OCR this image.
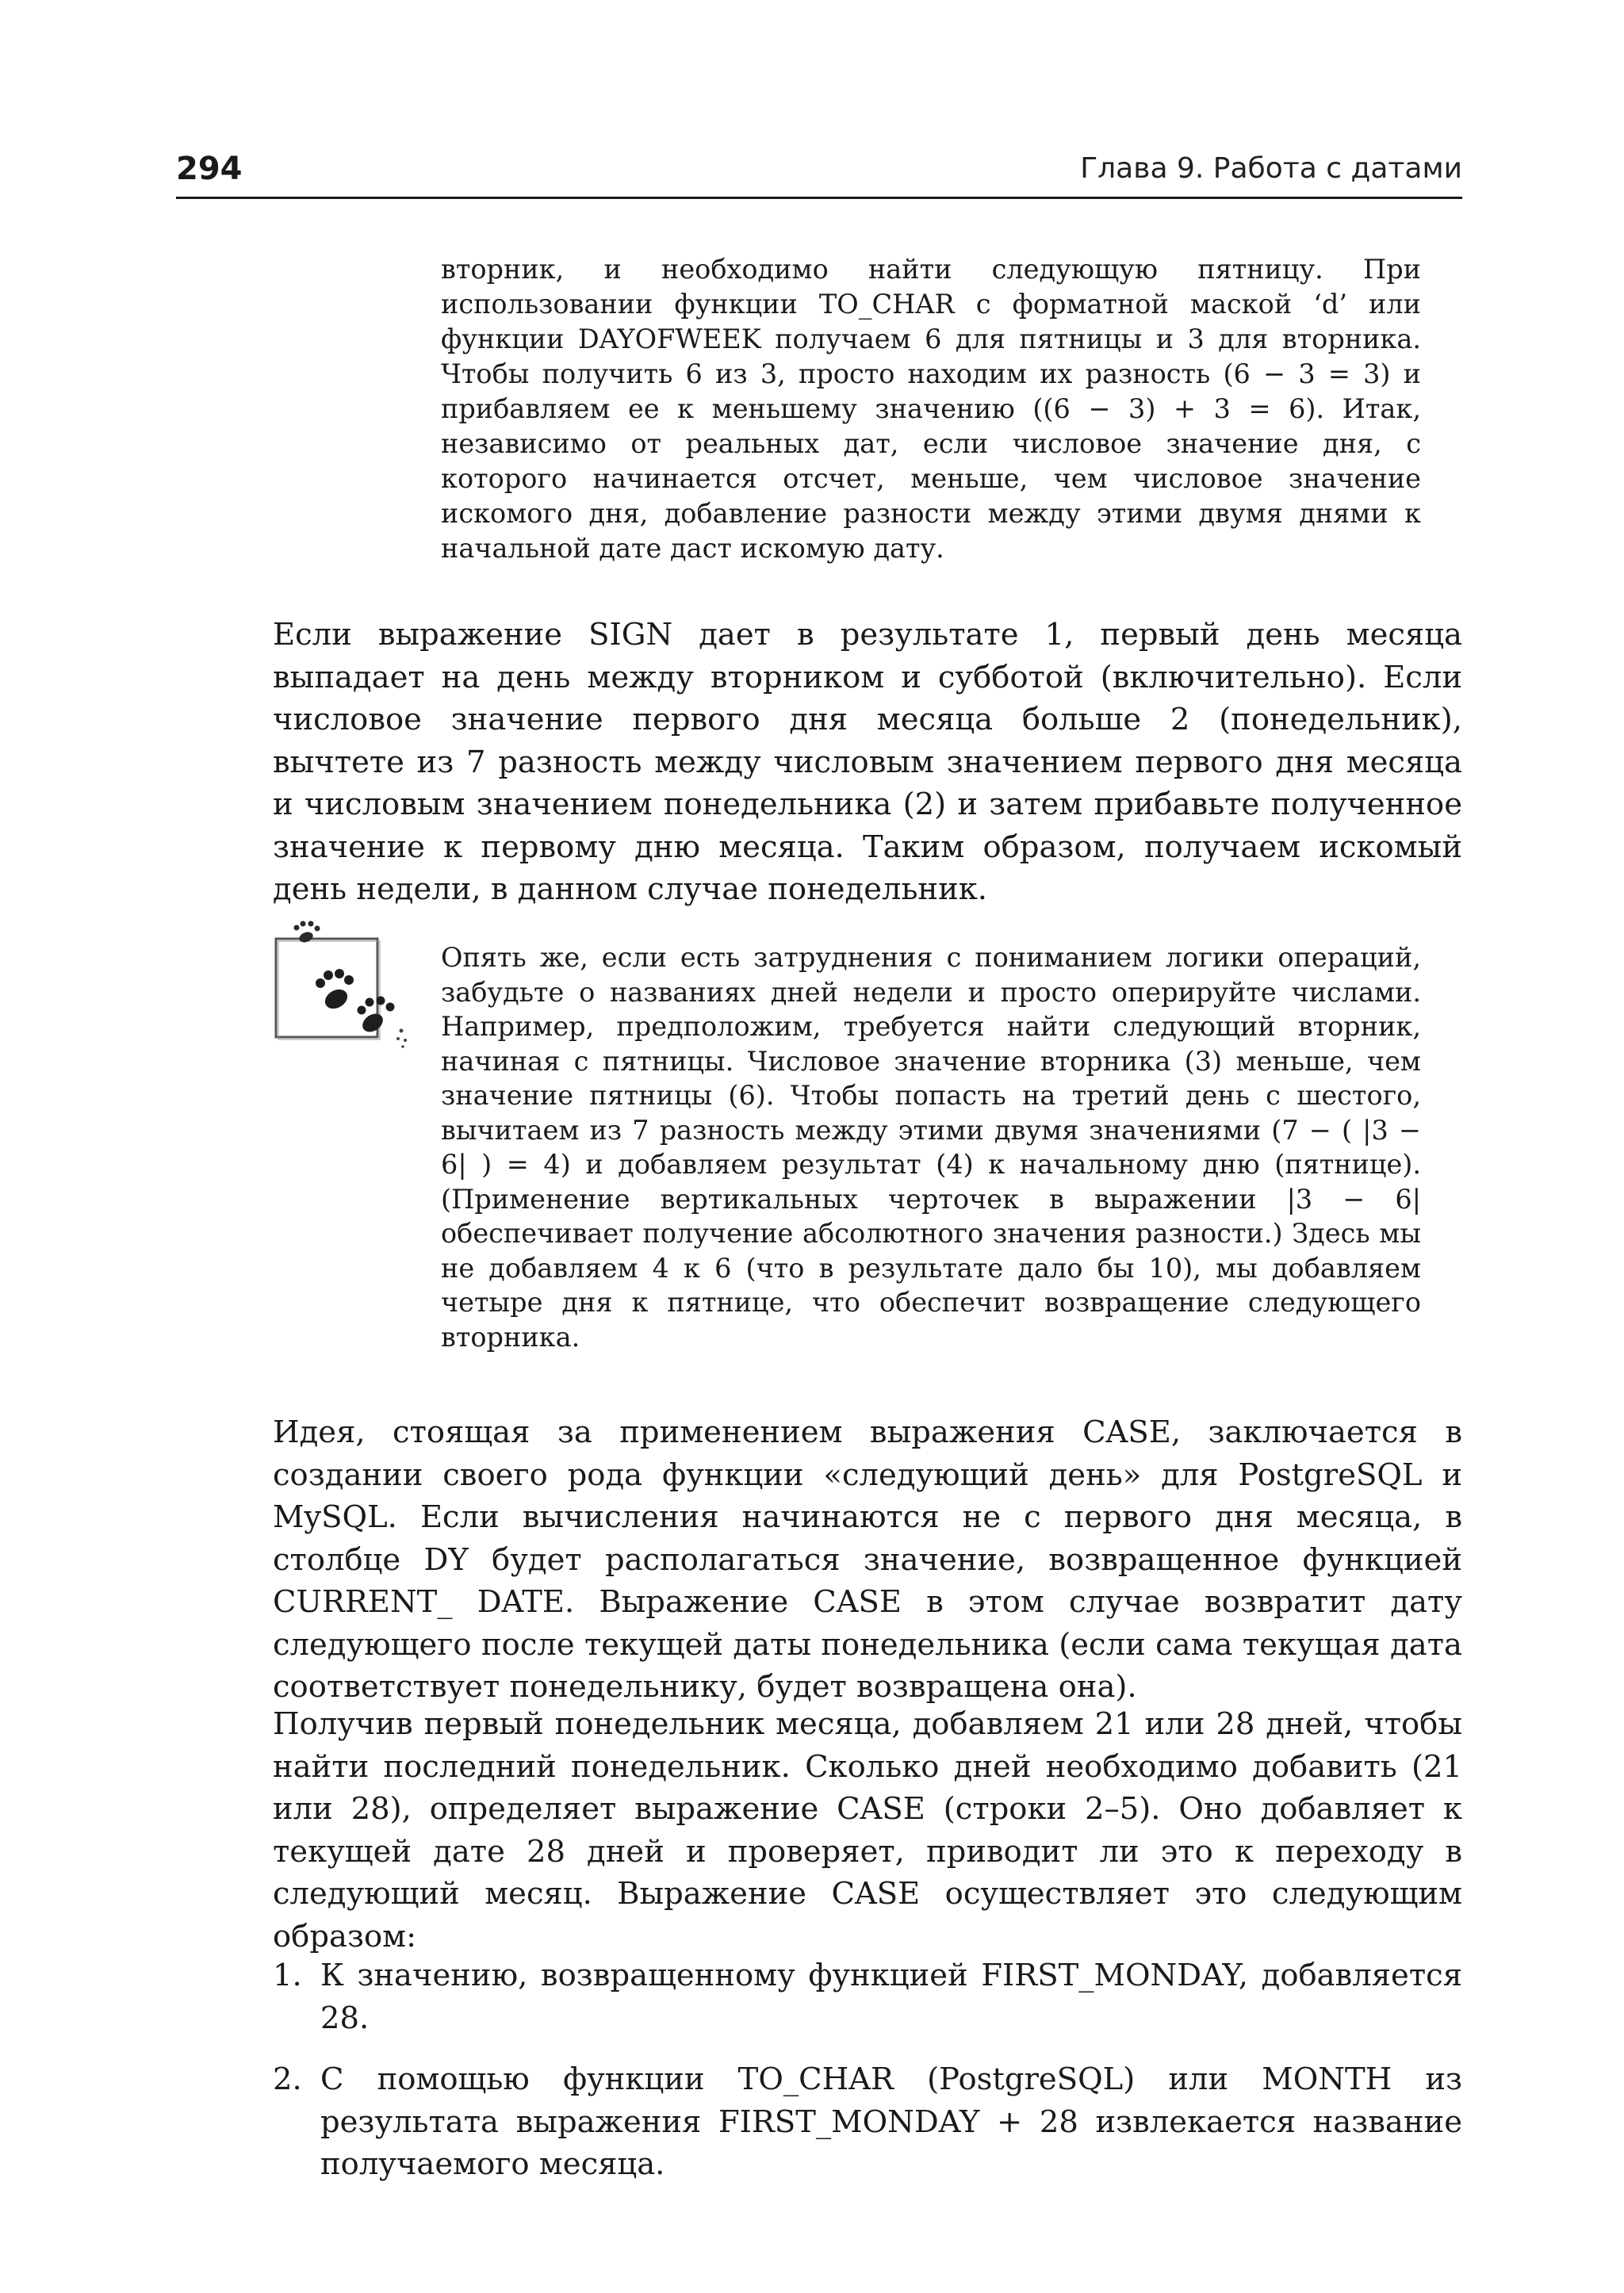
294	Глава 9. Работа с датами

вторник, и необходимо найти следующую пятницу. При использовании функции TO_CHAR с форматной маской ‘d’ или функции DAYOFWEEK получаем 6 для пятницы и 3 для вторника. Чтобы получить 6 из 3, просто находим их разность (6 − 3 = 3) и прибавляем ее к меньшему значению ((6 − 3) + 3 = 6). Итак, независимо от реальных дат, если числовое значение дня, с которого начинается отсчет, меньше, чем числовое значение искомого дня, добавление разности между этими двумя днями к начальной дате даст искомую дату.

Если выражение SIGN дает в результате 1, первый день месяца выпадает на день между вторником и субботой (включительно). Если числовое значение первого дня месяца больше 2 (понедельник), вычтете из 7 разность между числовым значением первого дня месяца и числовым значением понедельника (2) и затем прибавьте полученное значение к первому дню месяца. Таким образом, получаем искомый день недели, в данном случае понедельник.

Опять же, если есть затруднения с пониманием логики операций, забудьте о названиях дней недели и просто оперируйте числами. Например, предположим, требуется найти следующий вторник, начиная с пятницы. Числовое значение вторника (3) меньше, чем значение пятницы (6). Чтобы попасть на третий день с шестого, вычитаем из 7 разность между этими двумя значениями (7 − ( |3 − 6| ) = 4) и добавляем результат (4) к начальному дню (пятнице). (Применение вертикальных черточек в выражении |3 − 6| обеспечивает получение абсолютного значения разности.) Здесь мы не добавляем 4 к 6 (что в результате дало бы 10), мы добавляем четыре дня к пятнице, что обеспечит возвращение следующего вторника.

Идея, стоящая за применением выражения CASE, заключается в создании своего рода функции «следующий день» для PostgreSQL и MySQL. Если вычисления начинаются не с первого дня месяца, в столбце DY будет располагаться значение, возвращенное функцией CURRENT_ DATE. Выражение CASE в этом случае возвратит дату следующего после текущей даты понедельника (если сама текущая дата соответствует понедельнику, будет возвращена она).

Получив первый понедельник месяца, добавляем 21 или 28 дней, чтобы найти последний понедельник. Сколько дней необходимо добавить (21 или 28), определяет выражение CASE (строки 2–5). Оно добавляет к текущей дате 28 дней и проверяет, приводит ли это к переходу в следующий месяц. Выражение CASE осуществляет это следующим образом:

1. К значению, возвращенному функцией FIRST_MONDAY, добавляется 28.
2. С помощью функции TO_CHAR (PostgreSQL) или MONTH из результата выражения FIRST_MONDAY + 28 извлекается название получаемого месяца.
